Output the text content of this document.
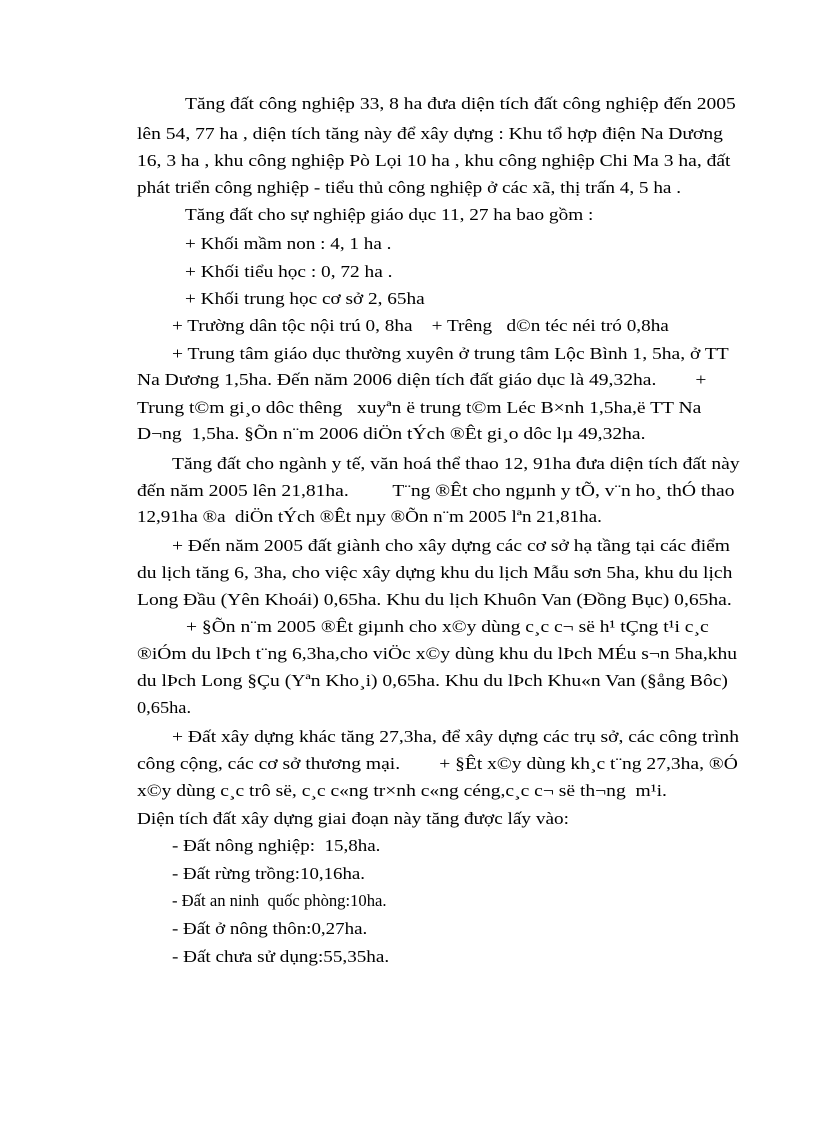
Tăng đất công nghiệp 33, 8 ha đưa diện tích đất công nghiệp đến 2005
lên 54, 77 ha , diện tích tăng này để xây dựng : Khu tổ hợp điện Na Dương
16, 3 ha , khu công nghiệp Pò Lọi 10 ha , khu công nghiệp Chi Ma 3 ha, đất
phát triển công nghiệp - tiểu thủ công nghiệp ở các xã, thị trấn 4, 5 ha .
Tăng đất cho sự nghiệp giáo dục 11, 27 ha bao gồm :
+ Khối mầm non : 4, 1 ha .
+ Khối tiểu học : 0, 72 ha .
+ Khối trung học cơ sở 2, 65ha
+ Trường dân tộc nội trú 0, 8ha    + Trêng   d©n téc néi tró 0,8ha
+ Trung tâm giáo dục thường xuyên ở trung tâm Lộc Bình 1, 5ha, ở TT
Na Dương 1,5ha. Đến năm 2006 diện tích đất giáo dục là 49,32ha.        +
Trung t©m gi¸o dôc thêng   xuyªn ë trung t©m Léc B×nh 1,5ha,ë TT Na
D¬ng  1,5ha. §Õn n¨m 2006 diÖn tÝch ®Êt gi¸o dôc lµ 49,32ha.
Tăng đất cho ngành y tế, văn hoá thể thao 12, 91ha đưa diện tích đất này
đến năm 2005 lên 21,81ha.         T¨ng ®Êt cho ngµnh y tÕ, v¨n ho¸ thÓ thao
12,91ha ®a  diÖn tÝch ®Êt nµy ®Õn n¨m 2005 lªn 21,81ha.
+ Đến năm 2005 đất giành cho xây dựng các cơ sở hạ tầng tại các điểm
du lịch tăng 6, 3ha, cho việc xây dựng khu du lịch Mẫu sơn 5ha, khu du lịch
Long Đầu (Yên Khoái) 0,65ha. Khu du lịch Khuôn Van (Đồng Bục) 0,65ha.
+ §Õn n¨m 2005 ®Êt giµnh cho x©y dùng c¸c c¬ së h¹ tÇng t¹i c¸c
®iÓm du lÞch t¨ng 6,3ha,cho viÖc x©y dùng khu du lÞch MÉu s¬n 5ha,khu
du lÞch Long §Çu (Yªn Kho¸i) 0,65ha. Khu du lÞch Khu«n Van (§ång Bôc)
0,65ha.
+ Đất xây dựng khác tăng 27,3ha, để xây dựng các trụ sở, các công trình
công cộng, các cơ sở thương mại.        + §Êt x©y dùng kh¸c t¨ng 27,3ha, ®Ó
x©y dùng c¸c trô së, c¸c c«ng tr×nh c«ng céng,c¸c c¬ së th¬ng  m¹i.
Diện tích đất xây dựng giai đoạn này tăng được lấy vào:
- Đất nông nghiệp:  15,8ha.
- Đất rừng trồng:10,16ha.
- Đất an ninh  quốc phòng:10ha.
- Đất ở nông thôn:0,27ha.
- Đất chưa sử dụng:55,35ha.
